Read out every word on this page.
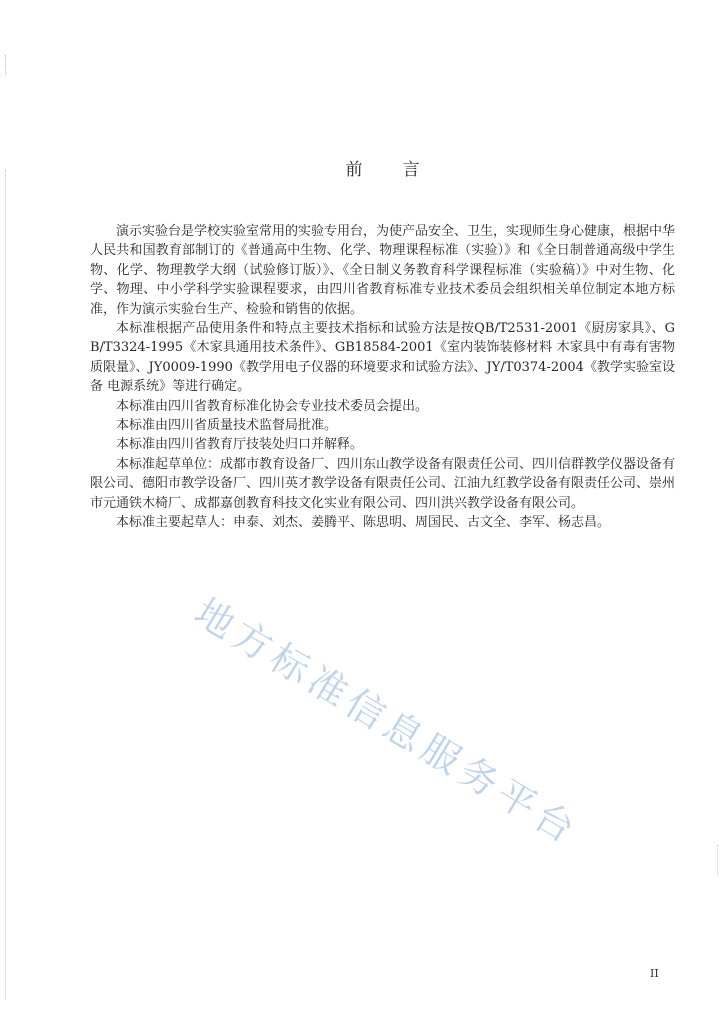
前言

演示实验台是学校实验室常用的实验专用台，为使产品安全、卫生，实现师生身心健康，根据中华人民共和国教育部制订的《普通高中生物、化学、物理课程标准（实验）》和《全日制普通高级中学生物、化学、物理教学大纲（试验修订版）》、《全日制义务教育科学课程标准（实验稿）》中对生物、化学、物理、中小学科学实验课程要求，由四川省教育标准专业技术委员会组织相关单位制定本地方标准，作为演示实验台生产、检验和销售的依据。

本标准根据产品使用条件和特点主要技术指标和试验方法是按QB/T2531-2001《厨房家具》、GB/T3324-1995《木家具通用技术条件》、GB18584-2001《室内装饰装修材料 木家具中有毒有害物质限量》、JY0009-1990《教学用电子仪器的环境要求和试验方法》、JY/T0374-2004《教学实验室设备 电源系统》等进行确定。

本标准由四川省教育标准化协会专业技术委员会提出。

本标准由四川省质量技术监督局批准。

本标准由四川省教育厅技装处归口并解释。

本标准起草单位：成都市教育设备厂、四川东山教学设备有限责任公司、四川信群教学仪器设备有限公司、德阳市教学设备厂、四川英才教学设备有限责任公司、江油九红教学设备有限责任公司、崇州市元通铁木椅厂、成都嘉创教育科技文化实业有限公司、四川洪兴教学设备有限公司。

本标准主要起草人：申泰、刘杰、姜腾平、陈思明、周国民、古文全、李军、杨志昌。

地方标准信息服务平台
II
